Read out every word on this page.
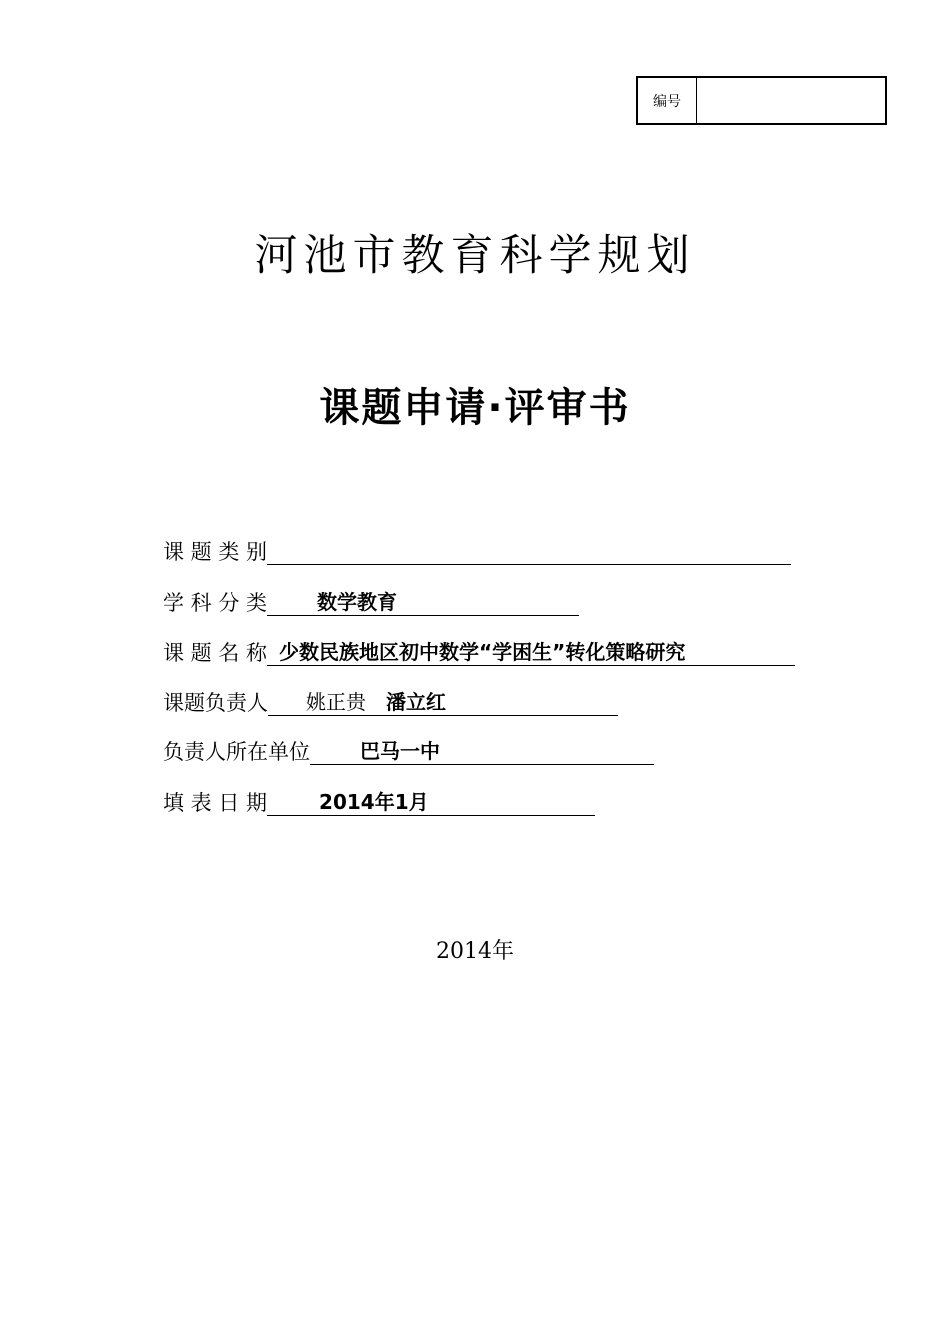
编号
河池市教育科学规划
课题申请·评审书
课 题 类 别
学 科 分 类	数学教育
课 题 名 称 少数民族地区初中数学“学困生”转化策略研究
课题负责人 姚正贵 潘立红
负责人所在单位	巴马一中
填 表 日 期	2014年1月
2014年
